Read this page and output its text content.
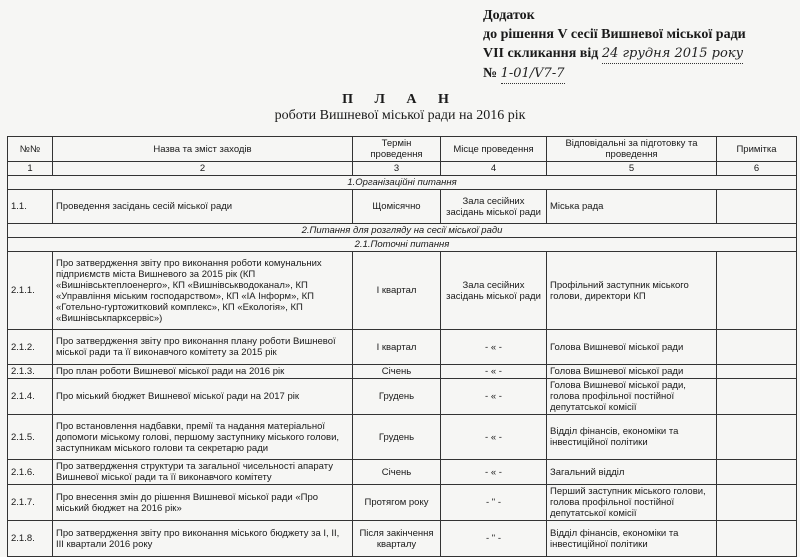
Додаток
до рішення V сесії Вишневої міської ради
VII скликання від 24 грудня 2015 року
№ 1-01/V7-7
П Л А Н
роботи Вишневої міської ради на 2016 рік
№№	Назва та зміст заходів	Термін проведення	Місце проведення	Відповідальні за підготовку та проведення	Примітка
1	2	3	4	5	6
1.Організаційні питання					
1.1.	Проведення засідань сесій міської ради	Щомісячно	Зала сесійних засідань міської ради	Міська рада	
2.Питання для розгляду на сесії міської ради					
2.1.Поточні питання					
2.1.1.	Про затвердження звіту про виконання роботи комунальних підприємств міста Вишневого за 2015 рік (КП «Вишнівськтеплоенерго», КП «Вишнівськводоканал», КП «Управління міським господарством», КП «ІА Інформ», КП «Готельно-гуртожитковий комплекс», КП «Екологія», КП «Вишнівськпарксервіс»)	І квартал	Зала сесійних засідань міської ради	Профільний заступник міського голови, директори КП	
2.1.2.	Про затвердження звіту про виконання плану роботи Вишневої міської ради та її виконавчого комітету за 2015 рік	І квартал	- « -	Голова Вишневої міської ради	
2.1.3.	Про план роботи Вишневої міської ради на 2016 рік	Січень	- « -	Голова Вишневої міської ради	
2.1.4.	Про міський бюджет Вишневої міської ради на 2017 рік	Грудень	- « -	Голова Вишневої міської ради, голова профільної постійної депутатської комісії	
2.1.5.	Про встановлення надбавки, премії та надання матеріальної допомоги міському голові, першому заступнику міського голови, заступникам міського голови та секретарю ради	Грудень	- « -	Відділ фінансів, економіки та інвестиційної політики	
2.1.6.	Про затвердження структури та загальної чисельності апарату Вишневої міської ради та її виконавчого комітету	Січень	- « -	Загальний відділ	
2.1.7.	Про внесення змін до рішення Вишневої міської ради «Про міський бюджет на 2016 рік»	Протягом року	- " -	Перший заступник міського голови, голова профільної постійної депутатської комісії	
2.1.8.	Про затвердження звіту про виконання міського бюджету за I, II, III квартали 2016 року	Після закінчення кварталу	- " -	Відділ фінансів, економіки та інвестиційної політики	
